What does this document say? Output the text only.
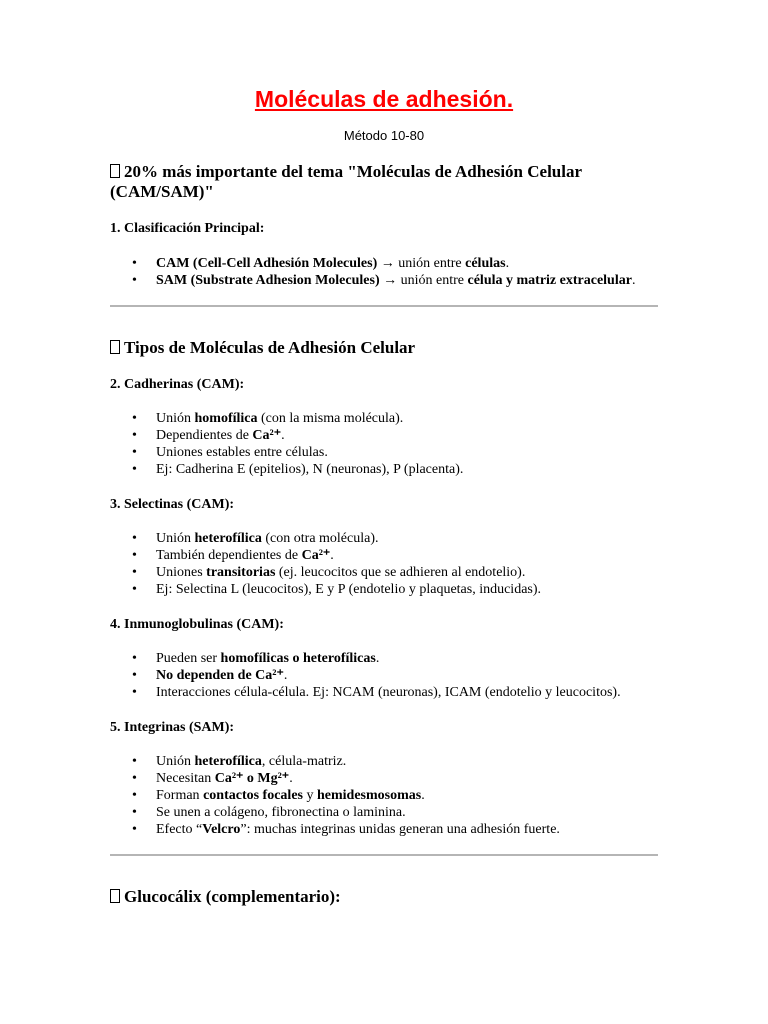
Moléculas de adhesión.
Método 10-80
20% más importante del tema "Moléculas de Adhesión Celular (CAM/SAM)"
1. Clasificación Principal:
• CAM (Cell-Cell Adhesión Molecules) → unión entre células.
• SAM (Substrate Adhesion Molecules) → unión entre célula y matriz extracelular.
Tipos de Moléculas de Adhesión Celular
2. Cadherinas (CAM):
• Unión homofílica (con la misma molécula).
• Dependientes de Ca²⁺.
• Uniones estables entre células.
• Ej: Cadherina E (epitelios), N (neuronas), P (placenta).
3. Selectinas (CAM):
• Unión heterofílica (con otra molécula).
• También dependientes de Ca²⁺.
• Uniones transitorias (ej. leucocitos que se adhieren al endotelio).
• Ej: Selectina L (leucocitos), E y P (endotelio y plaquetas, inducidas).
4. Inmunoglobulinas (CAM):
• Pueden ser homofílicas o heterofílicas.
• No dependen de Ca²⁺.
• Interacciones célula-célula. Ej: NCAM (neuronas), ICAM (endotelio y leucocitos).
5. Integrinas (SAM):
• Unión heterofílica, célula-matriz.
• Necesitan Ca²⁺ o Mg²⁺.
• Forman contactos focales y hemidesmosomas.
• Se unen a colágeno, fibronectina o laminina.
• Efecto “Velcro”: muchas integrinas unidas generan una adhesión fuerte.
Glucocálix (complementario):
